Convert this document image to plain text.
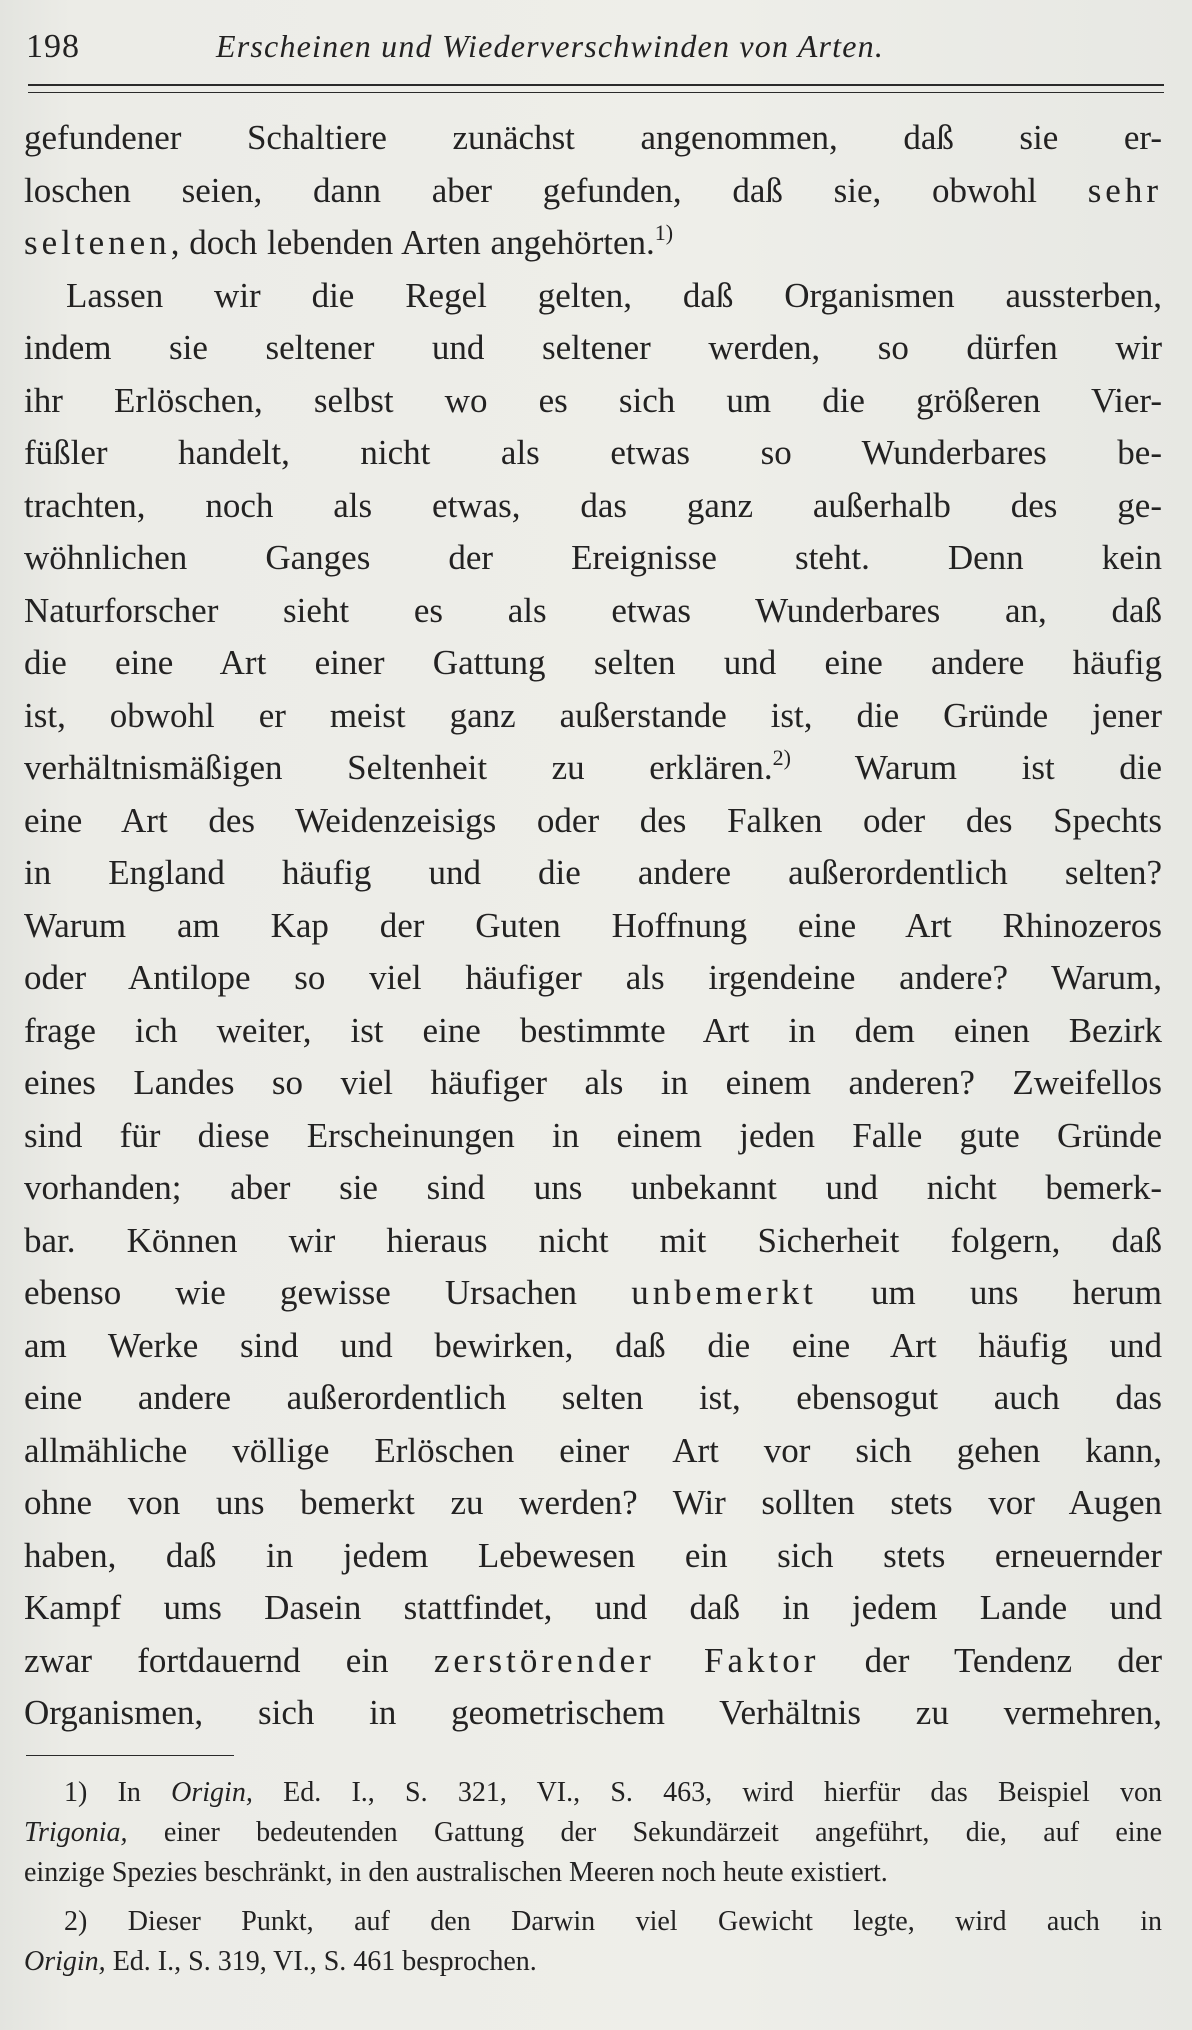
198	Erscheinen und Wiederverschwinden von Arten.
gefundener Schaltiere zunächst angenommen, daß sie er-
loschen seien, dann aber gefunden, daß sie, obwohl sehr
seltenen, doch lebenden Arten angehörten.$^{1)}$
Lassen wir die Regel gelten, daß Organismen aussterben,
indem sie seltener und seltener werden, so dürfen wir
ihr Erlöschen, selbst wo es sich um die größeren Vier-
füßler handelt, nicht als etwas so Wunderbares be-
trachten, noch als etwas, das ganz außerhalb des ge-
wöhnlichen Ganges der Ereignisse steht. Denn kein
Naturforscher sieht es als etwas Wunderbares an, daß
die eine Art einer Gattung selten und eine andere häufig
ist, obwohl er meist ganz außerstande ist, die Gründe jener
verhältnismäßigen Seltenheit zu erklären.$^{2)}$ Warum ist die
eine Art des Weidenzeisigs oder des Falken oder des Spechts
in England häufig und die andere außerordentlich selten?
Warum am Kap der Guten Hoffnung eine Art Rhinozeros
oder Antilope so viel häufiger als irgendeine andere? Warum,
frage ich weiter, ist eine bestimmte Art in dem einen Bezirk
eines Landes so viel häufiger als in einem anderen? Zweifellos
sind für diese Erscheinungen in einem jeden Falle gute Gründe
vorhanden; aber sie sind uns unbekannt und nicht bemerk-
bar. Können wir hieraus nicht mit Sicherheit folgern, daß
ebenso wie gewisse Ursachen unbemerkt um uns herum
am Werke sind und bewirken, daß die eine Art häufig und
eine andere außerordentlich selten ist, ebensogut auch das
allmähliche völlige Erlöschen einer Art vor sich gehen kann,
ohne von uns bemerkt zu werden? Wir sollten stets vor Augen
haben, daß in jedem Lebewesen ein sich stets erneuernder
Kampf ums Dasein stattfindet, und daß in jedem Lande und
zwar fortdauernd ein zerstörender Faktor der Tendenz der
Organismen, sich in geometrischem Verhältnis zu vermehren,
1) In Origin, Ed. I., S. 321, VI., S. 463, wird hierfür das Beispiel von
Trigonia, einer bedeutenden Gattung der Sekundärzeit angeführt, die, auf eine
einzige Spezies beschränkt, in den australischen Meeren noch heute existiert.
2) Dieser Punkt, auf den Darwin viel Gewicht legte, wird auch in
Origin, Ed. I., S. 319, VI., S. 461 besprochen.
